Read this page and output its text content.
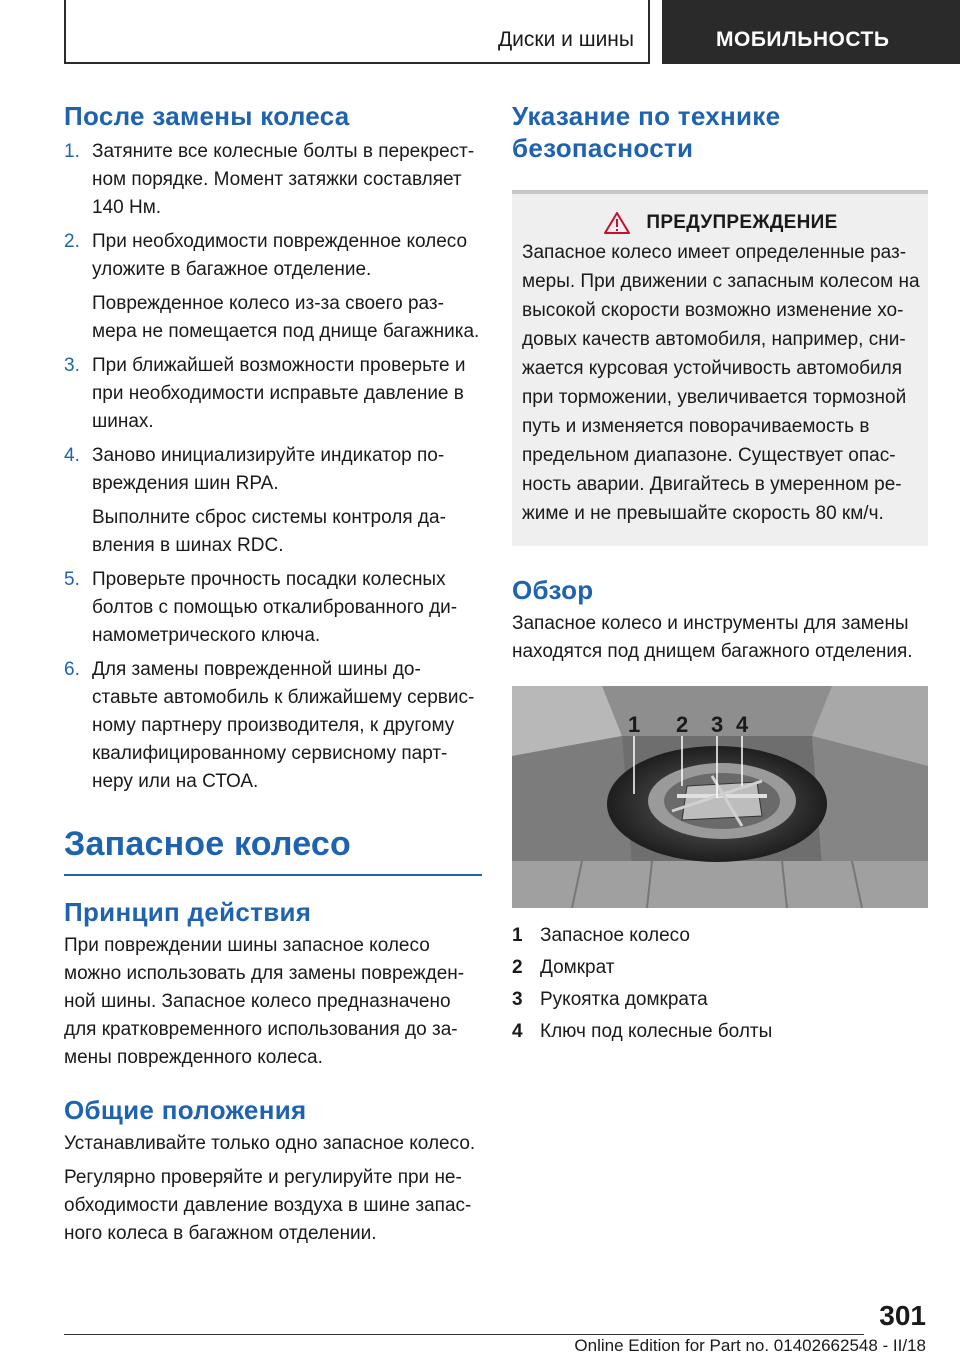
Диски и шины	МОБИЛЬНОСТЬ
После замены колеса
1. Затяните все колесные болты в перекрест-ном порядке. Момент затяжки составляет 140 Нм.

2. При необходимости поврежденное колесо уложите в багажное отделение.

Поврежденное колесо из-за своего раз-мера не помещается под днище багажника.

3. При ближайшей возможности проверьте и при необходимости исправьте давление в шинах.

4. Заново инициализируйте индикатор по-вреждения шин RPA.

Выполните сброс системы контроля да-вления в шинах RDC.

5. Проверьте прочность посадки колесных болтов с помощью откалиброванного ди-намометрического ключа.

6. Для замены поврежденной шины до-ставьте автомобиль к ближайшему сервис-ному партнеру производителя, к другому квалифицированному сервисному парт-неру или на СТОА.

Запасное колесо
Принцип действия

При повреждении шины запасное колесо можно использовать для замены поврежден-ной шины. Запасное колесо предназначено для кратковременного использования до за-мены поврежденного колеса.

Общие положения

Устанавливайте только одно запасное колесо.

Регулярно проверяйте и регулируйте при не-обходимости давление воздуха в шине запас-ного колеса в багажном отделении.

Указание по технике безопасности
ПРЕДУПРЕЖДЕНИЕ

Запасное колесо имеет определенные раз-меры. При движении с запасным колесом на высокой скорости возможно изменение хо-довых качеств автомобиля, например, сни-жается курсовая устойчивость автомобиля при торможении, увеличивается тормозной путь и изменяется поворачиваемость в предельном диапазоне. Существует опас-ность аварии. Двигайтесь в умеренном ре-жиме и не превышайте скорость 80 км/ч.

Обзор

Запасное колесо и инструменты для замены находятся под днищем багажного отделения.

1 2 3 4
1 Запасное колесо
2 Домкрат
3 Рукоятка домкрата
4 Ключ под колесные болты
301
Online Edition for Part no. 01402662548 - II/18
